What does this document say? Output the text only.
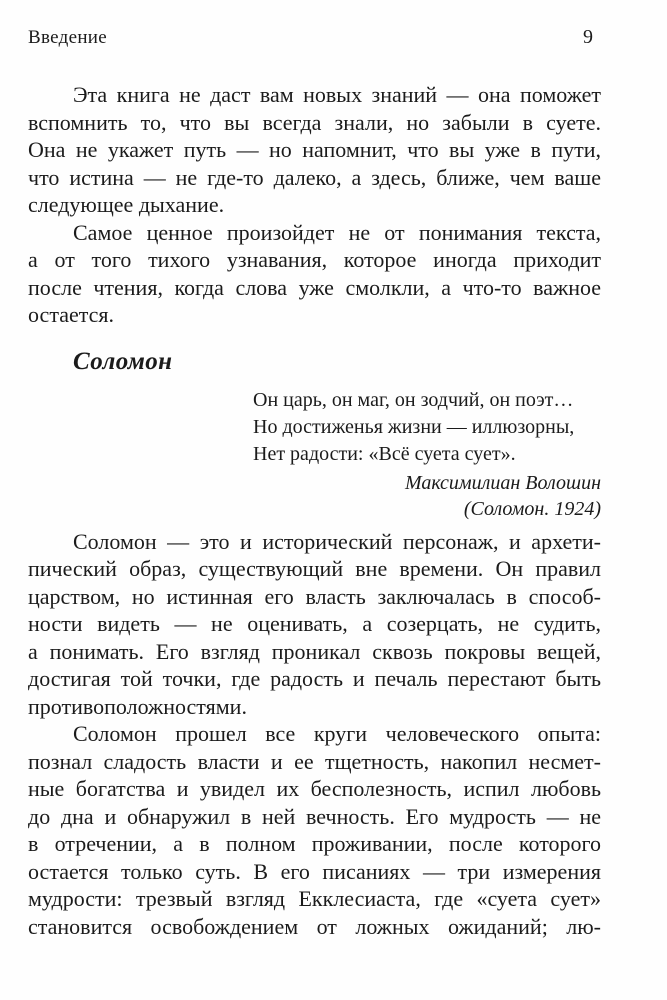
Введение	9
Эта книга не даст вам новых знаний — она поможет
вспомнить то, что вы всегда знали, но забыли в суете.
Она не укажет путь — но напомнит, что вы уже в пути,
что истина — не где-то далеко, а здесь, ближе, чем ваше
следующее дыхание.
Самое ценное произойдет не от понимания текста,
а от того тихого узнавания, которое иногда приходит
после чтения, когда слова уже смолкли, а что-то важное
остается.
Соломон
Он царь, он маг, он зодчий, он поэт…
Но достиженья жизни — иллюзорны,
Нет радости: «Всё суета сует».
Максимилиан Волошин
(Соломон. 1924)
Соломон — это и исторический персонаж, и архети-
пический образ, существующий вне времени. Он правил
царством, но истинная его власть заключалась в способ-
ности видеть — не оценивать, а созерцать, не судить,
а понимать. Его взгляд проникал сквозь покровы вещей,
достигая той точки, где радость и печаль перестают быть
противоположностями.
Соломон прошел все круги человеческого опыта:
познал сладость власти и ее тщетность, накопил несмет-
ные богатства и увидел их бесполезность, испил любовь
до дна и обнаружил в ней вечность. Его мудрость — не
в отречении, а в полном проживании, после которого
остается только суть. В его писаниях — три измерения
мудрости: трезвый взгляд Екклесиаста, где «суета сует»
становится освобождением от ложных ожиданий; лю-
